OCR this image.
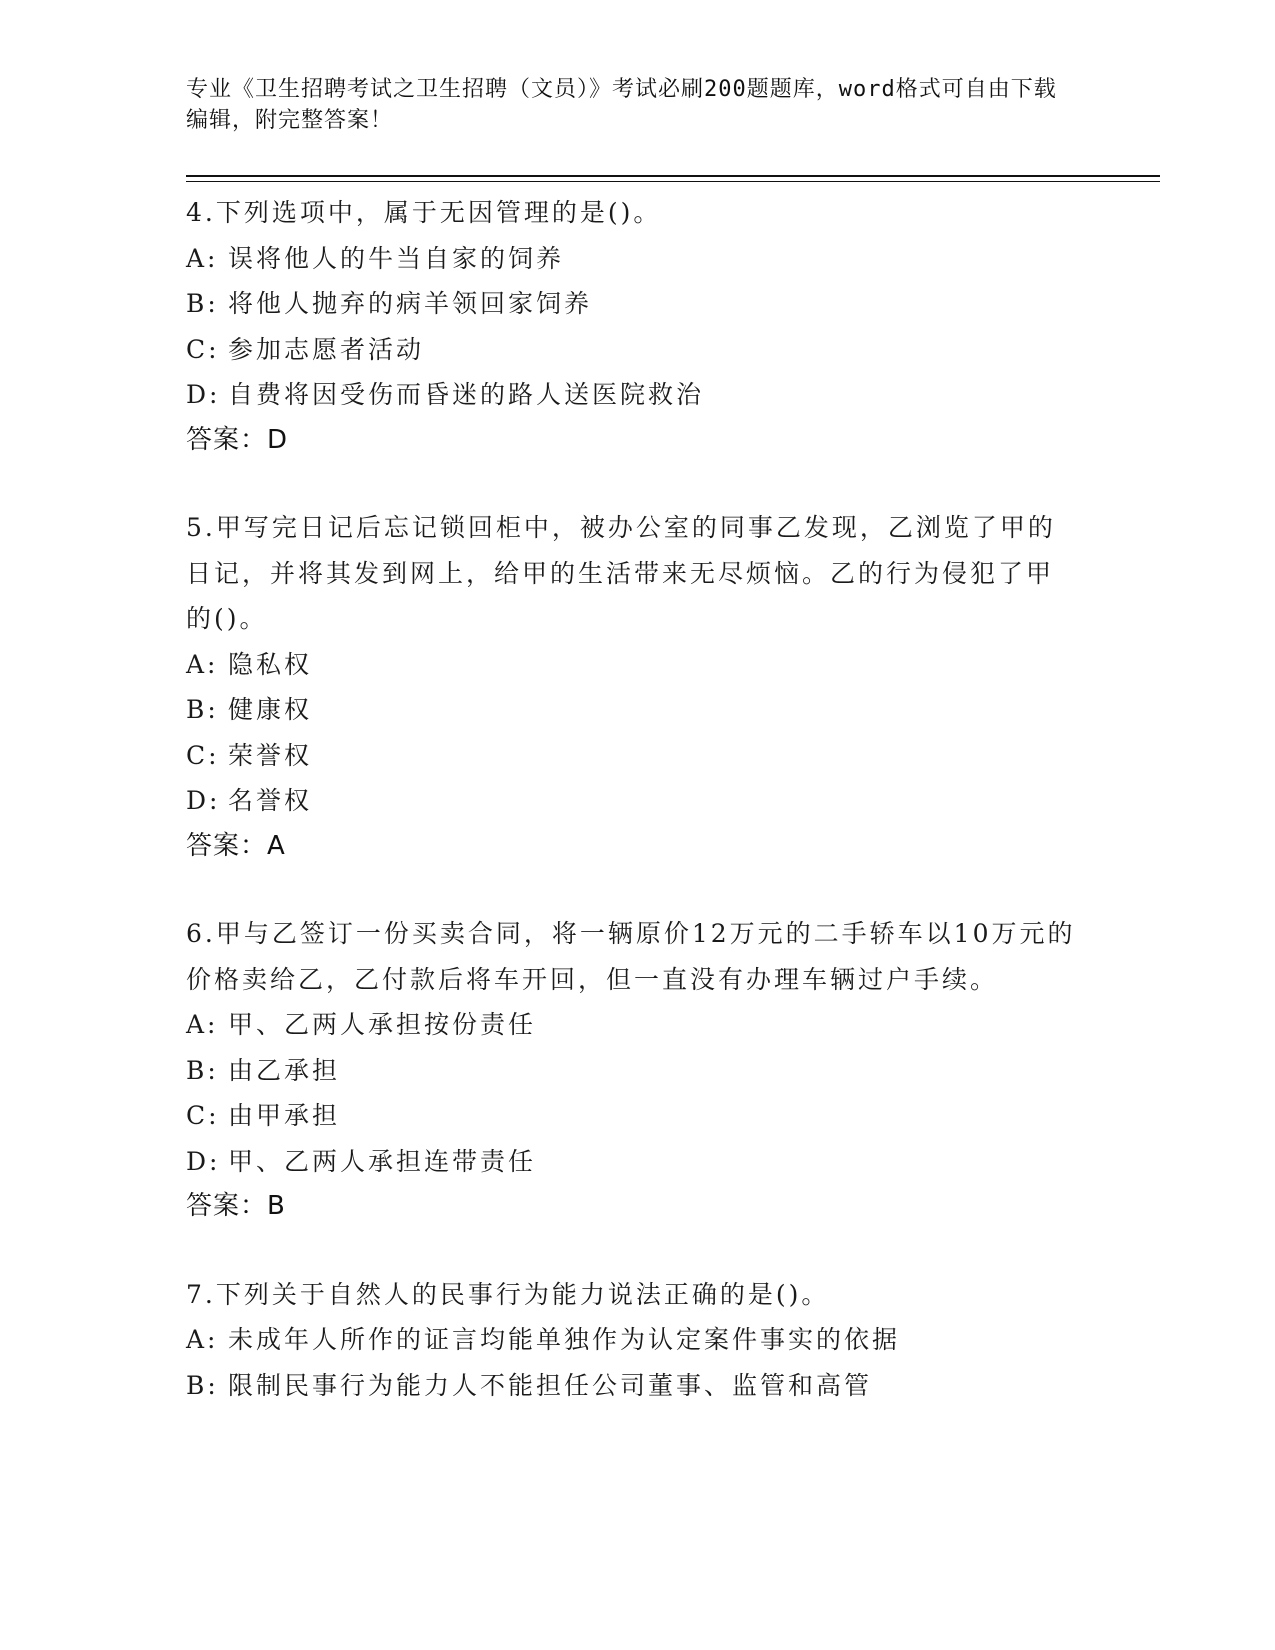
专业《卫生招聘考试之卫生招聘（文员）》考试必刷200题题库，word格式可自由下载编辑，附完整答案！
4.下列选项中，属于无因管理的是()。
A: 误将他人的牛当自家的饲养
B: 将他人抛弃的病羊领回家饲养
C: 参加志愿者活动
D: 自费将因受伤而昏迷的路人送医院救治
答案：D
5.甲写完日记后忘记锁回柜中，被办公室的同事乙发现，乙浏览了甲的日记，并将其发到网上，给甲的生活带来无尽烦恼。乙的行为侵犯了甲的()。
A: 隐私权
B: 健康权
C: 荣誉权
D: 名誉权
答案：A
6.甲与乙签订一份买卖合同，将一辆原价12万元的二手轿车以10万元的价格卖给乙，乙付款后将车开回，但一直没有办理车辆过户手续。
A: 甲、乙两人承担按份责任
B: 由乙承担
C: 由甲承担
D: 甲、乙两人承担连带责任
答案：B
7.下列关于自然人的民事行为能力说法正确的是()。
A: 未成年人所作的证言均能单独作为认定案件事实的依据
B: 限制民事行为能力人不能担任公司董事、监管和高管
